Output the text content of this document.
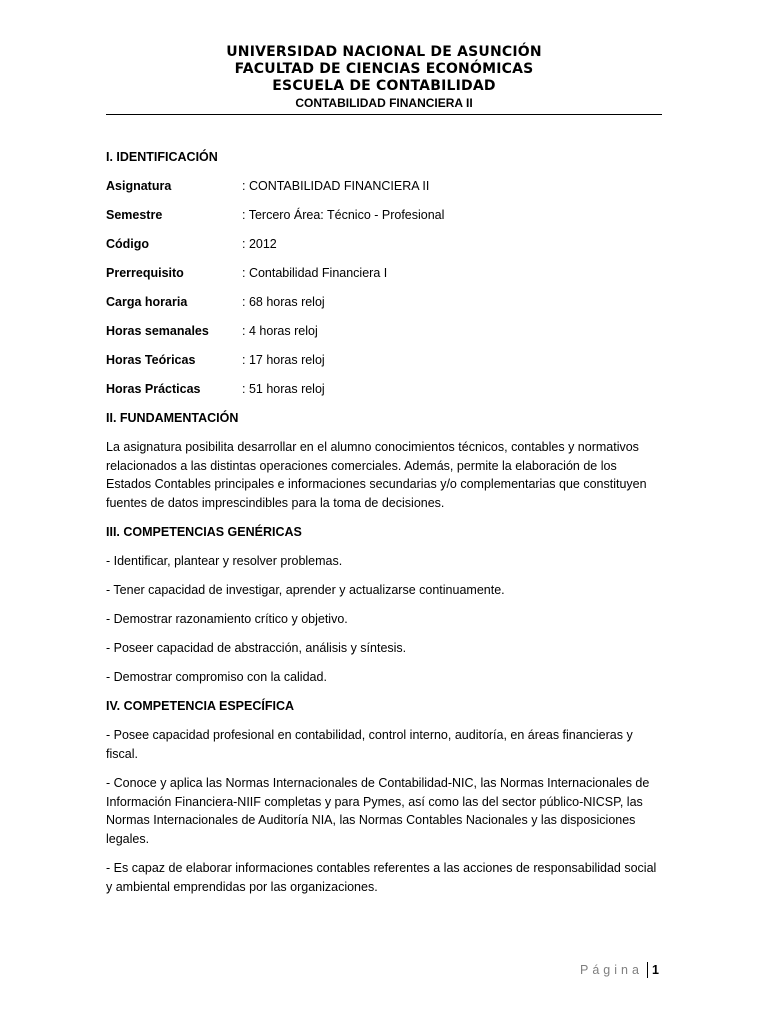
UNIVERSIDAD NACIONAL DE ASUNCIÓN
FACULTAD DE CIENCIAS ECONÓMICAS
ESCUELA DE CONTABILIDAD
CONTABILIDAD FINANCIERA II
I. IDENTIFICACIÓN
Asignatura	: CONTABILIDAD FINANCIERA II
Semestre	: Tercero Área: Técnico - Profesional
Código	: 2012
Prerrequisito	: Contabilidad Financiera I
Carga horaria	: 68 horas reloj
Horas semanales	: 4 horas reloj
Horas Teóricas	: 17 horas reloj
Horas Prácticas	: 51 horas reloj
II. FUNDAMENTACIÓN

La asignatura posibilita desarrollar en el alumno conocimientos técnicos, contables y normativos relacionados a las distintas operaciones comerciales. Además, permite la elaboración de los Estados Contables principales e informaciones secundarias y/o complementarias que constituyen fuentes de datos imprescindibles para la toma de decisiones.

III. COMPETENCIAS GENÉRICAS

- Identificar, plantear y resolver problemas.

- Tener capacidad de investigar, aprender y actualizarse continuamente.

- Demostrar razonamiento crítico y objetivo.

- Poseer capacidad de abstracción, análisis y síntesis.

- Demostrar compromiso con la calidad.

IV. COMPETENCIA ESPECÍFICA

- Posee capacidad profesional en contabilidad, control interno, auditoría, en áreas financieras y fiscal.

- Conoce y aplica las Normas Internacionales de Contabilidad-NIC, las Normas Internacionales de Información Financiera-NIIF completas y para Pymes, así como las del sector público-NICSP, las Normas Internacionales de Auditoría NIA, las Normas Contables Nacionales y las disposiciones legales.

- Es capaz de elaborar informaciones contables referentes a las acciones de responsabilidad social y ambiental emprendidas por las organizaciones.

Página 1
